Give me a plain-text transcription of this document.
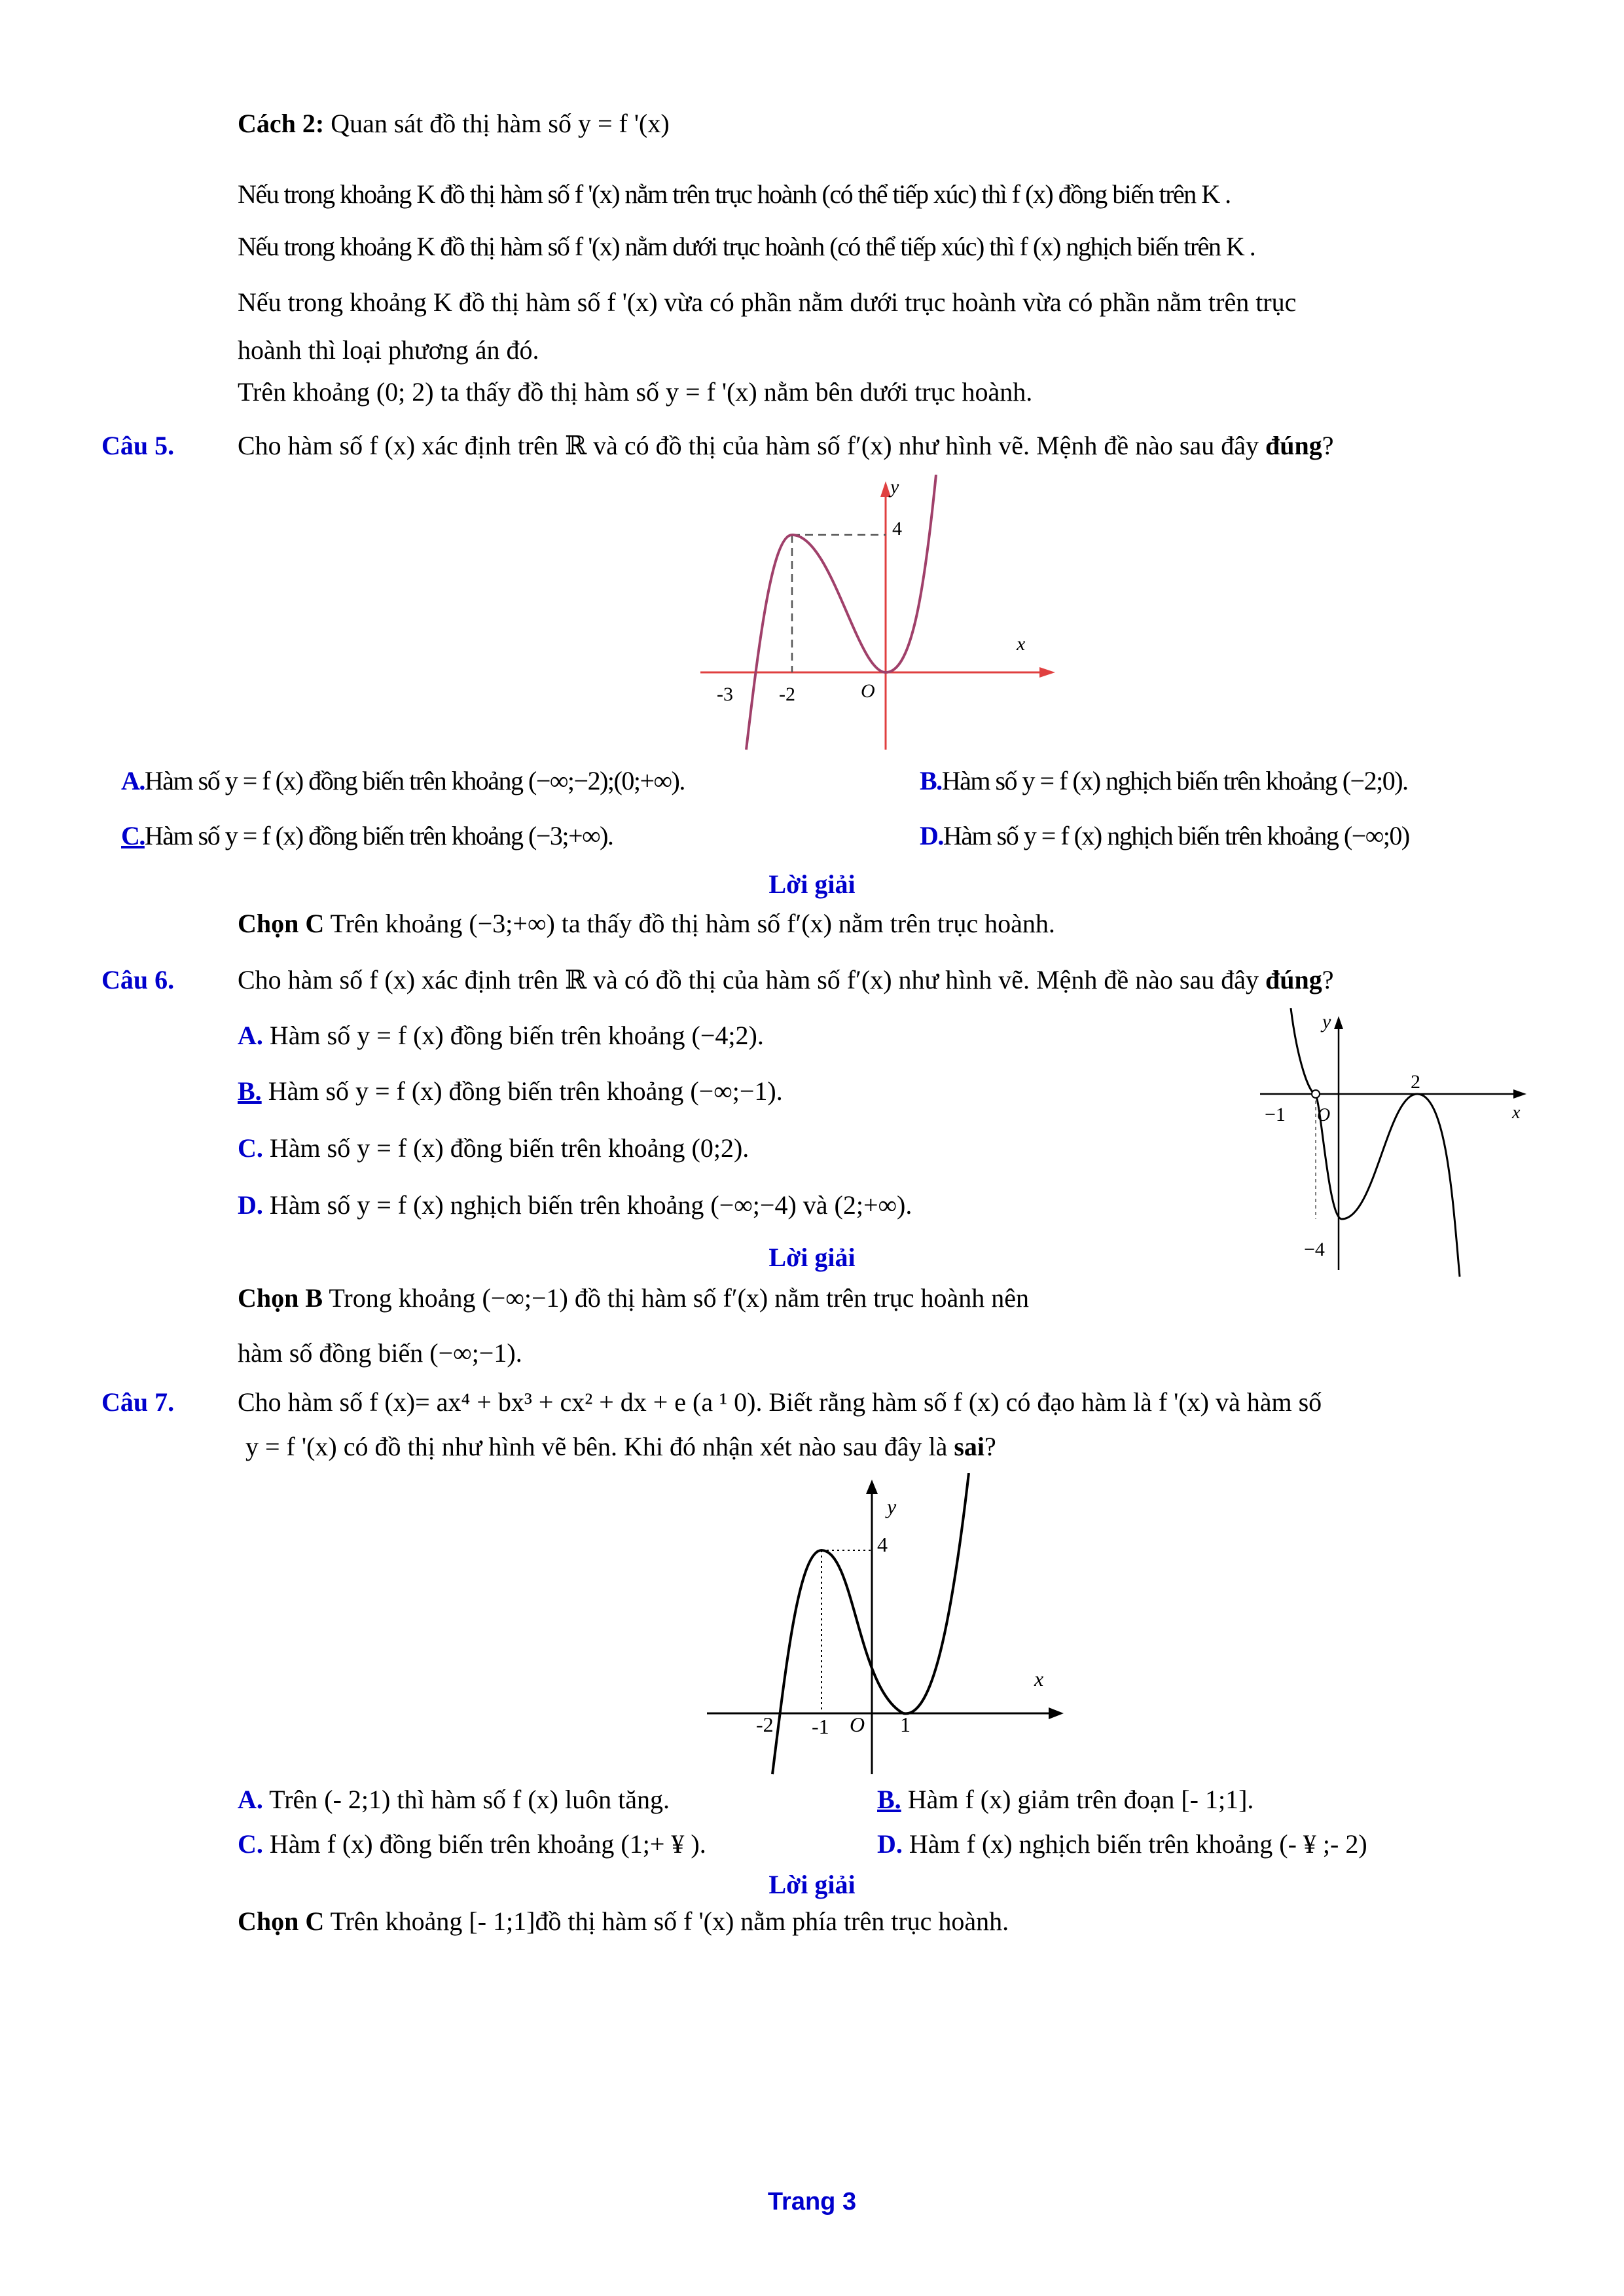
Cách 2: Quan sát đồ thị hàm số y = f '(x)
Nếu trong khoảng K đồ thị hàm số f '(x) nằm trên trục hoành (có thể tiếp xúc) thì f (x) đồng biến trên K .
Nếu trong khoảng K đồ thị hàm số f '(x) nằm dưới trục hoành (có thể tiếp xúc) thì f (x) nghịch biến trên K .
Nếu trong khoảng K đồ thị hàm số f '(x) vừa có phần nằm dưới trục hoành vừa có phần nằm trên trục
hoành thì loại phương án đó.
Trên khoảng (0; 2) ta thấy đồ thị hàm số y = f '(x) nằm bên dưới trục hoành.
Câu 5. Cho hàm số f (x) xác định trên ℝ và có đồ thị của hàm số f′(x) như hình vẽ. Mệnh đề nào sau đây đúng?
y
x
4
-3 -2	O
A.Hàm số y = f (x) đồng biến trên khoảng (−∞;−2);(0;+∞).	B.Hàm số y = f (x) nghịch biến trên khoảng (−2;0).
C.Hàm số y = f (x) đồng biến trên khoảng (−3;+∞).	D.Hàm số y = f (x) nghịch biến trên khoảng (−∞;0)
Lời giải
Chọn C Trên khoảng (−3;+∞) ta thấy đồ thị hàm số f′(x) nằm trên trục hoành.
Câu 6. Cho hàm số f (x) xác định trên ℝ và có đồ thị của hàm số f′(x) như hình vẽ. Mệnh đề nào sau đây đúng?
A. Hàm số y = f (x) đồng biến trên khoảng (−4;2).
B. Hàm số y = f (x) đồng biến trên khoảng (−∞;−1).
C. Hàm số y = f (x) đồng biến trên khoảng (0;2).
D. Hàm số y = f (x) nghịch biến trên khoảng (−∞;−4) và (2;+∞).
y
x
−1 O
2
−4
Lời giải
Chọn B Trong khoảng (−∞;−1) đồ thị hàm số f′(x) nằm trên trục hoành nên
hàm số đồng biến (−∞;−1).
Câu 7. Cho hàm số f (x)= ax⁴ + bx³ + cx² + dx + e (a ¹ 0). Biết rằng hàm số f (x) có đạo hàm là f '(x) và hàm số
y = f '(x) có đồ thị như hình vẽ bên. Khi đó nhận xét nào sau đây là sai?
y
x
4
-2 -1 O 1
A. Trên (- 2;1) thì hàm số f (x) luôn tăng.	B. Hàm f (x) giảm trên đoạn [- 1;1].
C. Hàm f (x) đồng biến trên khoảng (1;+ ¥ ).	D. Hàm f (x) nghịch biến trên khoảng (- ¥ ;- 2)
Lời giải
Chọn C Trên khoảng [- 1;1]đồ thị hàm số f '(x) nằm phía trên trục hoành.
Trang 3
